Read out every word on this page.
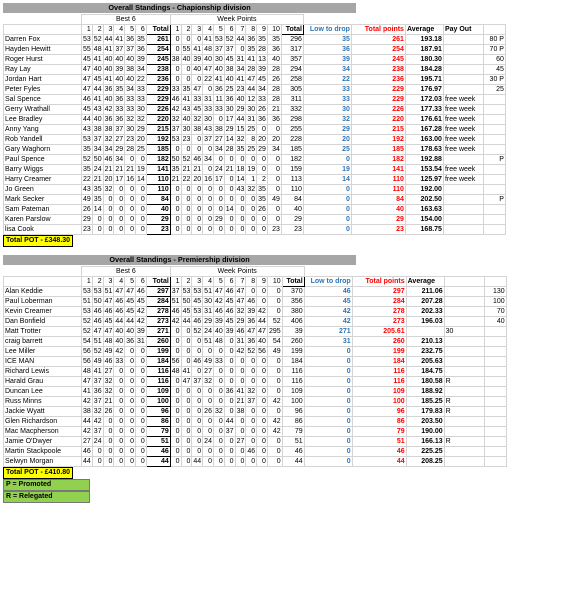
Overall Standings - Chapionship division
	Best 6							Week Points															
	1	2	3	4	5	6	Total	1	2	3	4	5	6	7	8	9	10	Total	Low to drop	Total points	Average	Pay Out	
Darren Fox	53	52	44	41	36	35	261	0	0	0	41	53	52	44	36	35	35	296	35	261	193.18		80 P
Hayden Hewitt	55	48	41	37	37	36	254	0	55	41	48	37	37	0	35	28	36	317	36	254	187.91		70 P
Roger Hurst	45	41	40	40	40	39	245	38	40	39	40	30	45	31	41	13	40	357	39	245	180.30		60
Ray Lay	47	40	40	39	38	34	238	0	0	40	47	40	38	34	28	39	28	294	34	238	184.28		45
Jordan Hart	47	45	41	40	40	22	236	0	0	0	22	41	40	41	47	45	26	258	22	236	195.71		30 P
Peter Fyles	47	44	36	35	34	33	229	33	35	47	0	36	25	23	44	34	28	305	33	229	176.97		25
Sal Spence	46	41	40	36	33	33	229	46	41	33	31	11	36	40	12	33	28	311	33	229	172.03	free week	
Gerry Wrathall	45	43	42	33	33	30	226	42	43	45	33	33	30	29	30	26	21	332	30	226	177.33	free week	
Lee Bradley	44	40	36	36	32	32	220	32	40	32	30	0	17	44	31	36	36	298	32	220	176.61	free week	
Anny Yang	43	38	38	37	30	29	215	37	30	38	43	38	29	15	25	0	0	255	29	215	167.28	free week	
Rob Yandell	53	37	32	27	23	20	192	53	23	0	37	27	14	32	8	20	20	228	20	192	163.00	free week	
Gary Waghorn	35	34	34	29	28	25	185	0	0	0	0	34	28	35	25	29	34	185	25	185	178.63	free week	
Paul Spence	52	50	46	34	0	0	182	50	52	46	34	0	0	0	0	0	0	182	0	182	192.88		P
Barry Wiggs	35	24	21	21	21	19	141	35	21	21	0	24	21	18	19	0	0	159	19	141	153.54	free week	
Harry Creamer	22	21	20	17	16	14	110	21	22	20	16	17	0	14	1	2	0	113	14	110	125.97	free week	
Jo Green	43	35	32	0	0	0	110	0	0	0	0	0	0	43	32	35	0	110	0	110	192.00		
Mark Secker	49	35	0	0	0	0	84	0	0	0	0	0	0	0	0	35	49	84	0	84	202.50		P
Sam Pateman	26	14	0	0	0	0	40	0	0	0	0	0	14	0	0	26	0	40	0	40	163.63		
Karen Parslow	29	0	0	0	0	0	29	0	0	0	0	29	0	0	0	0	0	29	0	29	154.00		
lisa Cook	23	0	0	0	0	0	23	0	0	0	0	0	0	0	0	0	23	23	0	23	168.75		
Total POT - £348.30
Overall Standings - Premiership division
	Best 6							Week Points															
	1	2	3	4	5	6	Total	1	2	3	4	5	6	7	8	9	10	Total	Low to drop	Total points	Average		
Alan Keddie	53	53	51	47	47	46	297	37	53	53	51	47	46	47	0	0	0	370	46	297	211.06		130
Paul Loberman	51	50	47	46	45	45	284	51	50	45	30	42	45	47	46	0	0	356	45	284	207.28		100
Kevin Creamer	53	46	46	46	45	42	278	46	45	53	31	46	46	32	39	42	0	380	42	278	202.33		70
Dan Bonfield	52	46	45	44	44	42	273	42	44	46	29	39	45	29	36	44	52	406	42	273	196.03		40
Matt Trotter	52	47	47	40	40	39	271	0	0	52	24	40	39	46	47	47	295	39	271	205.61		30	
craig barrett	54	51	48	40	36	31	260	0	0	0	51	48	0	31	36	40	54	260	31	260	210.13		
Lee Miller	56	52	49	42	0	0	199	0	0	0	0	0	0	42	52	56	49	199	0	199	232.75		
ICE MAN	56	49	46	33	0	0	184	56	0	46	49	33	0	0	0	0	0	184	0	184	205.63		
Richard Lewis	48	41	27	0	0	0	116	48	41	0	27	0	0	0	0	0	0	116	0	116	184.75		
Harald Grau	47	37	32	0	0	0	116	0	47	37	32	0	0	0	0	0	0	116	0	116	180.58	R	
Duncan Lee	41	36	32	0	0	0	109	0	0	0	0	0	36	41	32	0	0	109	0	109	188.92		
Russ Minns	42	37	21	0	0	0	100	0	0	0	0	0	0	21	37	0	42	100	0	100	185.25	R	
Jackie Wyatt	38	32	26	0	0	0	96	0	0	0	26	32	0	38	0	0	0	96	0	96	179.83	R	
Glen Richardson	44	42	0	0	0	0	86	0	0	0	0	0	44	0	0	0	42	86	0	86	203.50		
Mac Macpherson	42	37	0	0	0	0	79	0	0	0	0	0	37	0	0	0	42	79	0	79	190.00		
Jamie O'Dwyer	27	24	0	0	0	0	51	0	0	0	24	0	0	27	0	0	0	51	0	51	166.13	R	
Martin Stackpoole	46	0	0	0	0	0	46	0	0	0	0	0	0	0	46	0	0	46	0	46	225.25		
Selwyn Morgan	44	0	0	0	0	0	44	0	0	44	0	0	0	0	0	0	0	44	0	44	208.25		
Total POT - £410.80
P = Promoted
R = Relegated
